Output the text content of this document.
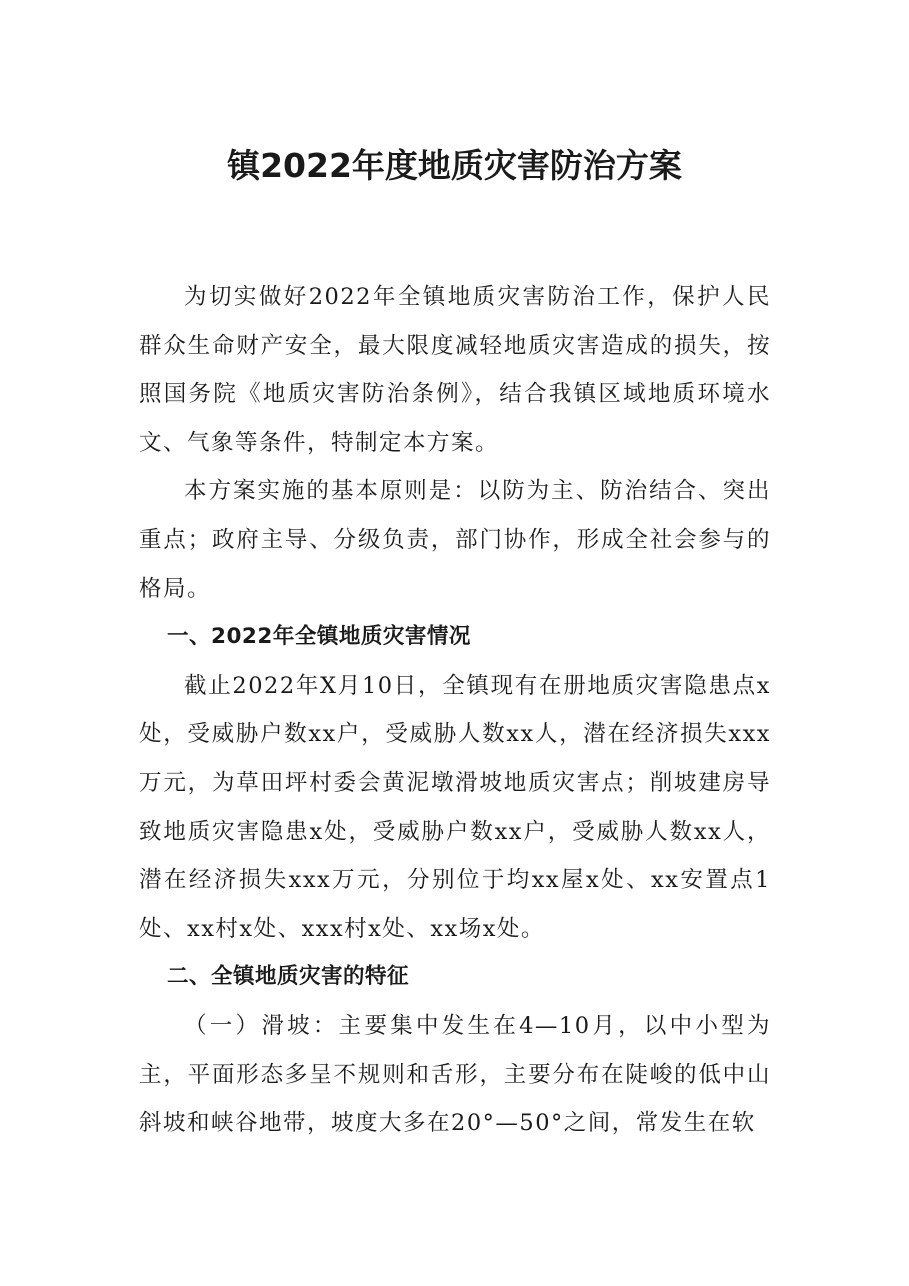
镇2022年度地质灾害防治方案

为切实做好2022年全镇地质灾害防治工作，保护人民群众生命财产安全，最大限度减轻地质灾害造成的损失，按照国务院《地质灾害防治条例》，结合我镇区域地质环境水文、气象等条件，特制定本方案。

本方案实施的基本原则是：以防为主、防治结合、突出重点；政府主导、分级负责，部门协作，形成全社会参与的格局。

一、2022年全镇地质灾害情况

截止2022年X月10日，全镇现有在册地质灾害隐患点x处，受威胁户数xx户，受威胁人数xx人，潜在经济损失xxx万元，为草田坪村委会黄泥墩滑坡地质灾害点；削坡建房导致地质灾害隐患x处，受威胁户数xx户，受威胁人数xx人，潜在经济损失xxx万元，分别位于均xx屋x处、xx安置点1处、xx村x处、xxx村x处、xx场x处。

二、全镇地质灾害的特征

（一）滑坡：主要集中发生在4—10月，以中小型为主，平面形态多呈不规则和舌形，主要分布在陡峻的低中山斜坡和峡谷地带，坡度大多在20°—50°之间，常发生在软
